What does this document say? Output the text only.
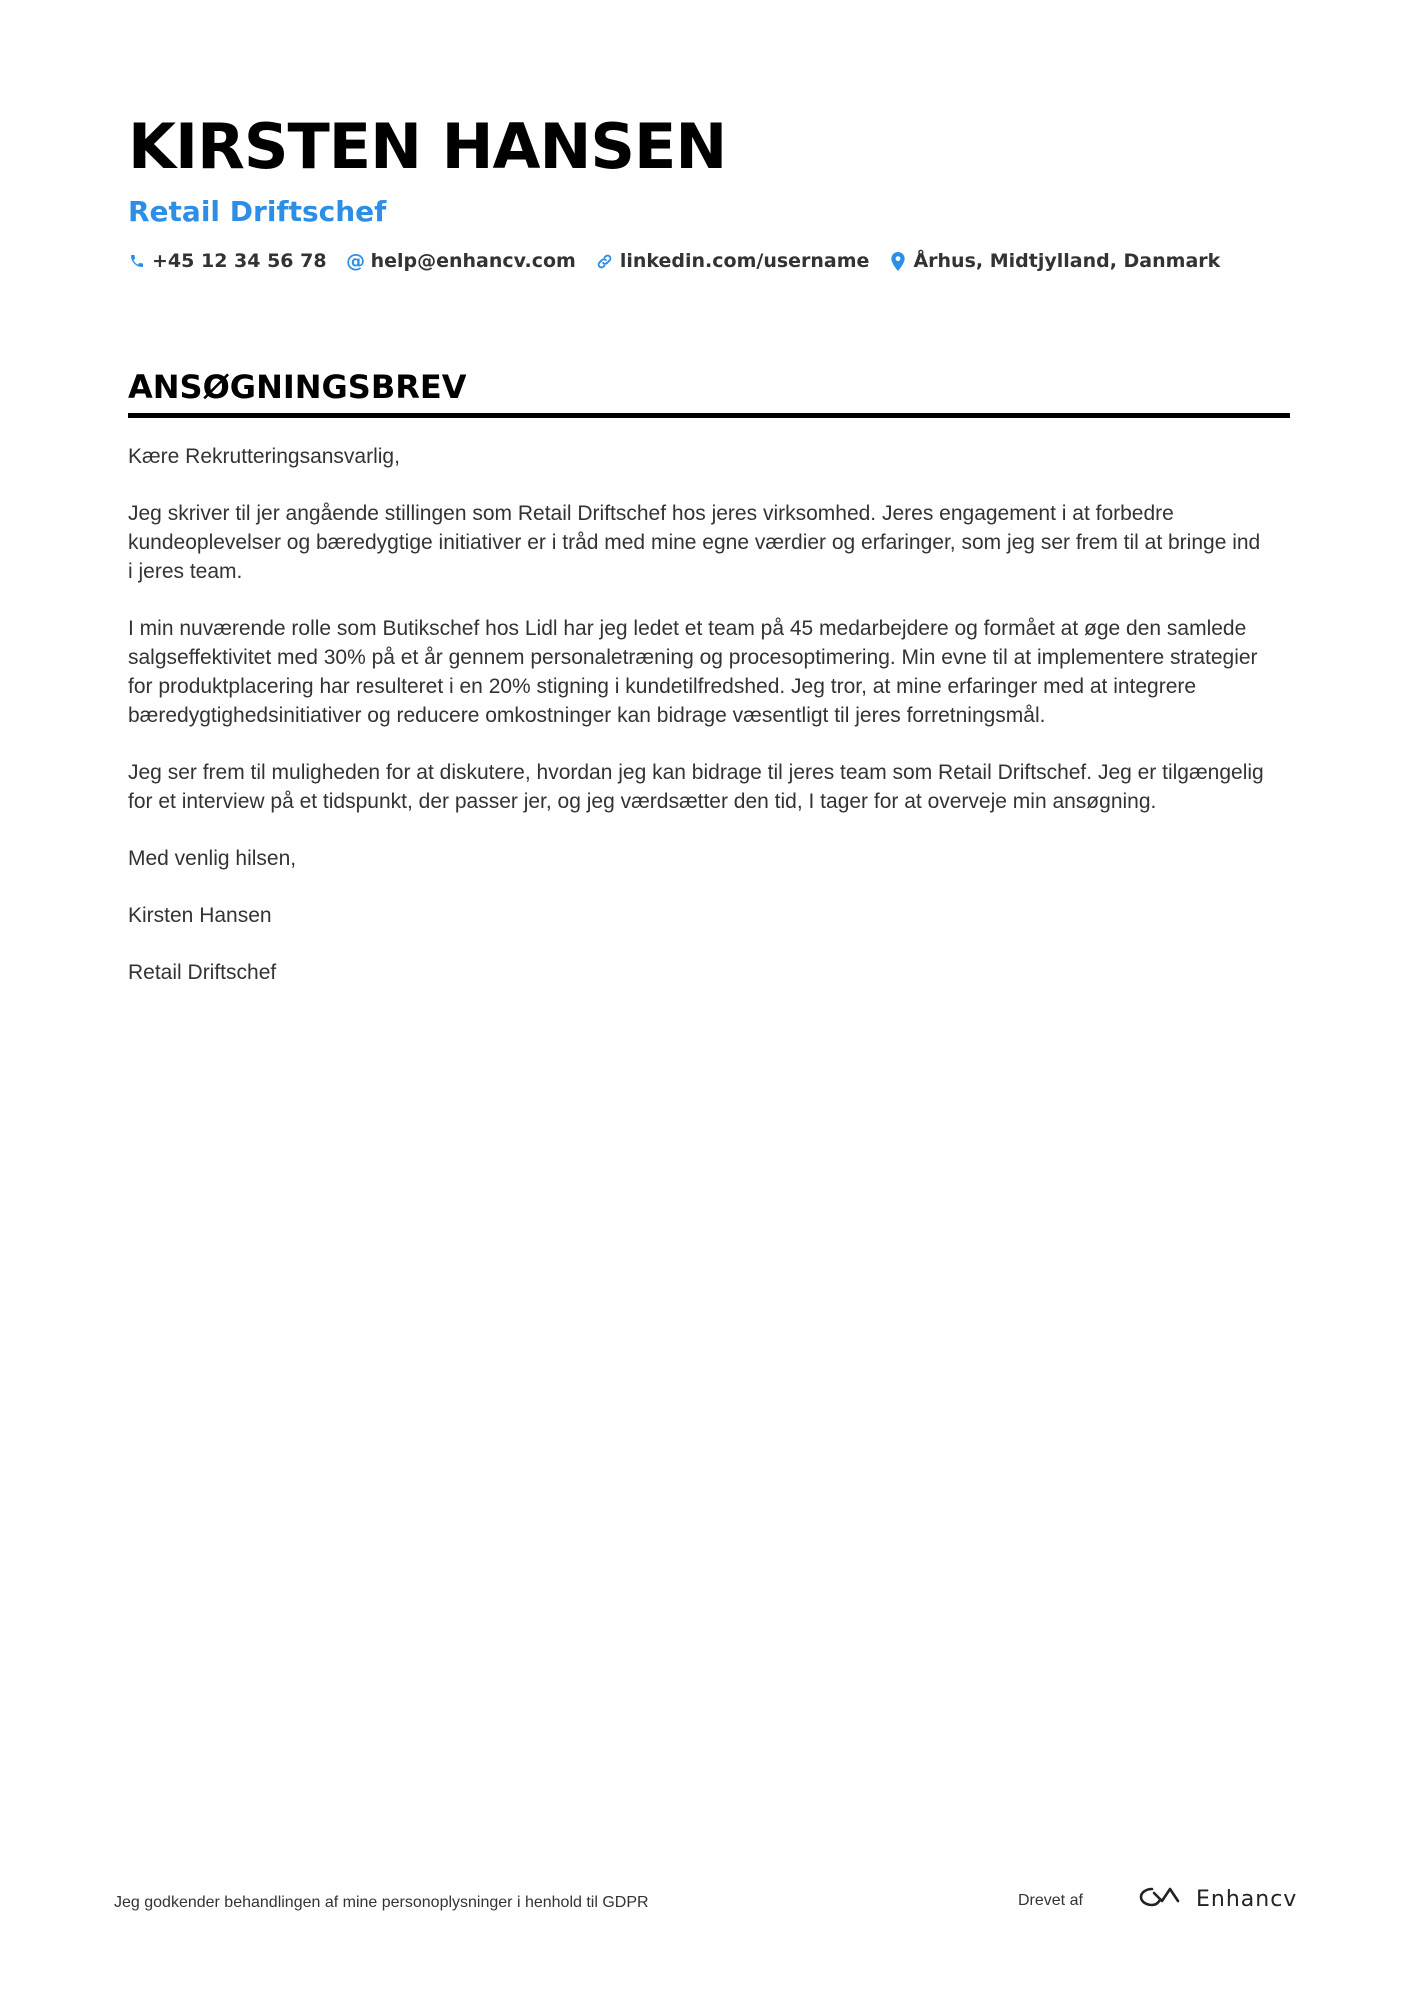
KIRSTEN HANSEN
Retail Driftschef
+45 12 34 56 78 @ help@enhancv.com linkedin.com/username Århus, Midtjylland, Danmark
ANSØGNINGSBREV

Kære Rekrutteringsansvarlig,

Jeg skriver til jer angående stillingen som Retail Driftschef hos jeres virksomhed. Jeres engagement i at forbedre kundeoplevelser og bæredygtige initiativer er i tråd med mine egne værdier og erfaringer, som jeg ser frem til at bringe ind i jeres team.

I min nuværende rolle som Butikschef hos Lidl har jeg ledet et team på 45 medarbejdere og formået at øge den samlede salgseffektivitet med 30% på et år gennem personaletræning og procesoptimering. Min evne til at implementere strategier for produktplacering har resulteret i en 20% stigning i kundetilfredshed. Jeg tror, at mine erfaringer med at integrere bæredygtighedsinitiativer og reducere omkostninger kan bidrage væsentligt til jeres forretningsmål.

Jeg ser frem til muligheden for at diskutere, hvordan jeg kan bidrage til jeres team som Retail Driftschef. Jeg er tilgængelig for et interview på et tidspunkt, der passer jer, og jeg værdsætter den tid, I tager for at overveje min ansøgning.

Med venlig hilsen,

Kirsten Hansen

Retail Driftschef

Jeg godkender behandlingen af mine personoplysninger i henhold til GDPR	Drevet af	Enhancv
